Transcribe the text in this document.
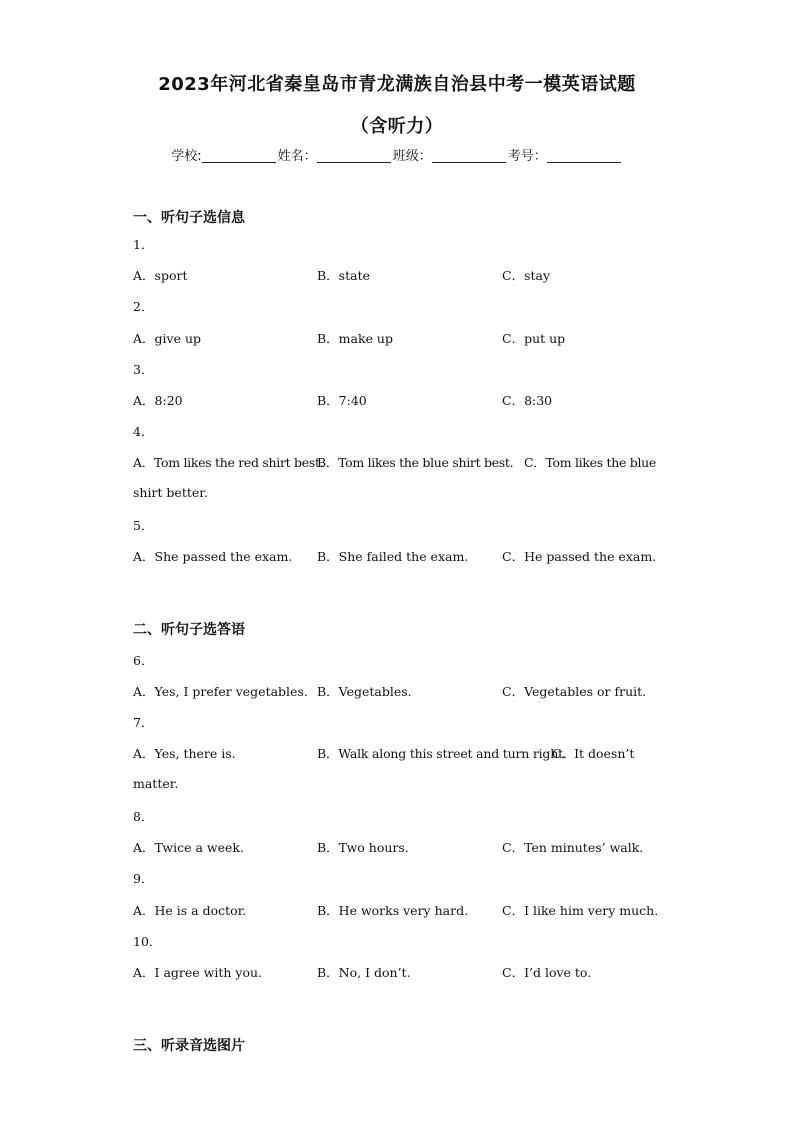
2023年河北省秦皇岛市青龙满族自治县中考一模英语试题
（含听力）
学校:	姓名：	班级：	考号：
一、听句子选信息
1．
A．sport	B．state	C．stay
2．
A．give up	B．make up	C．put up
3．
A．8:20	B．7:40	C．8:30
4．
A．Tom likes the red shirt best.
B．Tom likes the blue shirt best. C．Tom likes the blue
shirt better.
5．
A．She passed the exam. B．She failed the exam.	C．He passed the exam.
二、听句子选答语
6．
A．Yes, I prefer vegetables. B．Vegetables.	C．Vegetables or fruit.
7．
A．Yes, there is.	B．Walk along this street and turn right.
C．It doesn’t
matter.
8．
A．Twice a week.	B．Two hours.	C．Ten minutes’ walk.
9．
A．He is a doctor.	B．He works very hard.	C．I like him very much.
10．
A．I agree with you.	B．No, I don’t.	C．I’d love to.
三、听录音选图片
